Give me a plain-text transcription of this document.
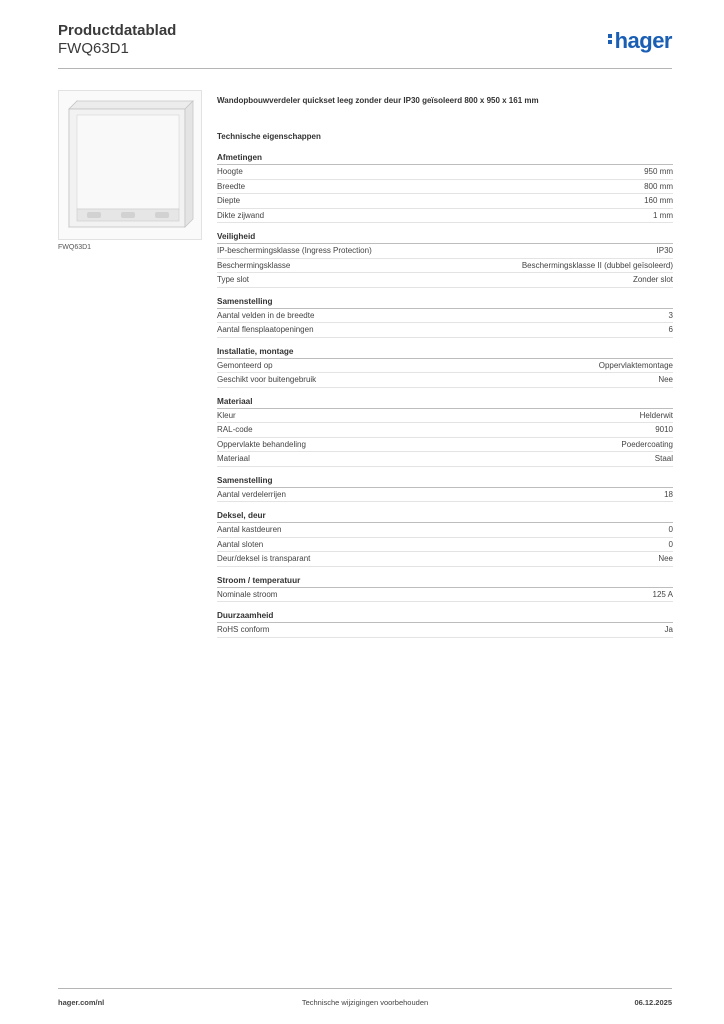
Productdatablad
FWQ63D1	hager
FWQ63D1
Wandopbouwverdeler quickset leeg zonder deur IP30 geïsoleerd 800 x 950 x 161 mm
Technische eigenschappen
Afmetingen
Hoogte	950 mm
Breedte	800 mm
Diepte	160 mm
Dikte zijwand	1 mm
Veiligheid
IP-beschermingsklasse (Ingress Protection)	IP30
Beschermingsklasse	Beschermingsklasse II (dubbel geïsoleerd)
Type slot	Zonder slot
Samenstelling
Aantal velden in de breedte	3
Aantal flensplaatopeningen	6
Installatie, montage
Gemonteerd op	Oppervlaktemontage
Geschikt voor buitengebruik	Nee
Materiaal
Kleur	Helderwit
RAL-code	9010
Oppervlakte behandeling	Poedercoating
Materiaal	Staal
Samenstelling
Aantal verdelerrijen	18
Deksel, deur
Aantal kastdeuren	0
Aantal sloten	0
Deur/deksel is transparant	Nee
Stroom / temperatuur
Nominale stroom	125 A
Duurzaamheid
RoHS conform	Ja
hager.com/nl	Technische wijzigingen voorbehouden	06.12.2025
